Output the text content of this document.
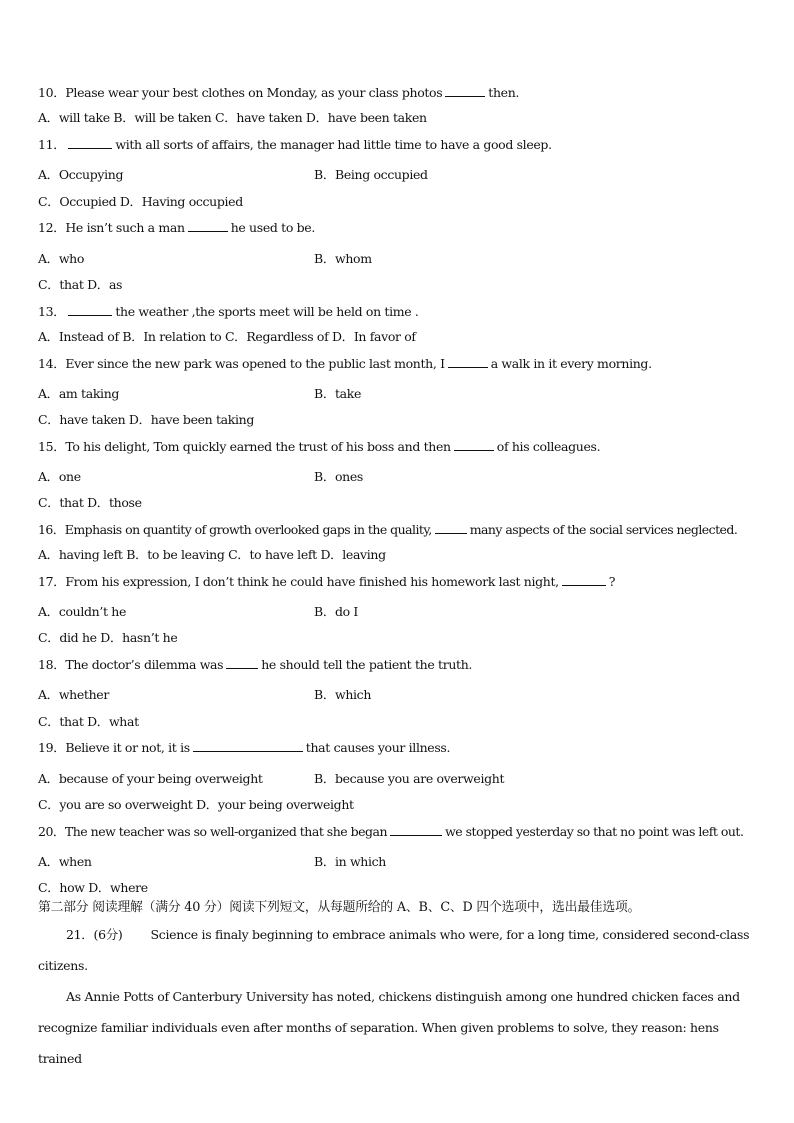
10．Please wear your best clothes on Monday, as your class photos	then.
A．will take B．will be taken C．have taken D．have been taken
11．	with all sorts of affairs, the manager had little time to have a good sleep.
A．Occupying	B．Being occupied
C．Occupied D．Having occupied
12．He isn’t such a man	he used to be.
A．who	B．whom
C．that D．as
13．	the weather ,the sports meet will be held on time .
A．Instead of B．In relation to C．Regardless of D．In favor of
14．Ever since the new park was opened to the public last month, I	a walk in it every morning.
A．am taking	B．take
C．have taken D．have been taking
15．To his delight, Tom quickly earned the trust of his boss and then	of his colleagues.
A．one	B．ones
C．that D．those
16．Emphasis on quantity of growth overlooked gaps in the quality,	many aspects of the social services neglected.
A．having left B．to be leaving C．to have left D．leaving
17．From his expression, I don’t think he could have finished his homework last night,	?
A．couldn’t he	B．do I
C．did he D．hasn’t he
18．The doctor’s dilemma was	he should tell the patient the truth.
A．whether	B．which
C．that D．what
19．Believe it or not, it is	that causes your illness.
A．because of your being overweight	B．because you are overweight
C．you are so overweight D．your being overweight
20．The new teacher was so well-organized that she began	we stopped yesterday so that no point was left out.
A．when	B．in which
C．how D．where
第二部分 阅读理解（满分 40 分）阅读下列短文，从每题所给的 A、B、C、D 四个选项中，选出最佳选项。
21．(6分) Science is finaly beginning to embrace animals who were, for a long time, considered second-class
citizens.
As Annie Potts of Canterbury University has noted, chickens distinguish among one hundred chicken faces and recognize familiar individuals even after months of separation. When given problems to solve, they reason: hens trained
